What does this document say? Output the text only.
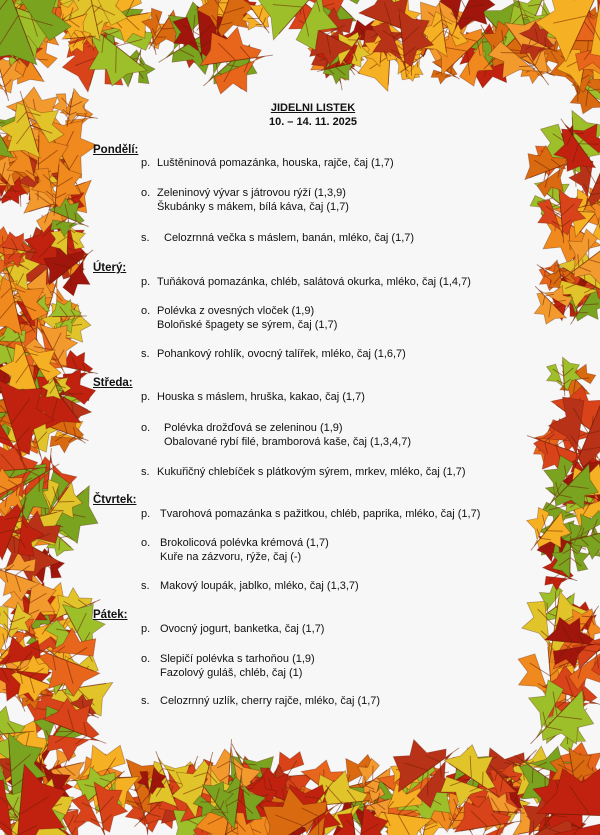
JIDELNI LISTEK
10. – 14. 11. 2025
Pondělí:
p. Luštěninová pomazánka, houska, rajče, čaj (1,7)
o. Zeleninový vývar s játrovou rýží (1,3,9)
Škubánky s mákem, bílá káva, čaj (1,7)
s. Celozrnná večka s máslem, banán, mléko, čaj (1,7)
Úterý:
p. Tuňáková pomazánka, chléb, salátová okurka, mléko, čaj (1,4,7)
o. Polévka z ovesných vloček (1,9)
Boloňské špagety se sýrem, čaj (1,7)
s. Pohankový rohlík, ovocný talířek, mléko, čaj (1,6,7)
Středa:
p. Houska s máslem, hruška, kakao, čaj (1,7)
o. Polévka drožďová se zeleninou (1,9)
Obalované rybí filé, bramborová kaše, čaj (1,3,4,7)
s. Kukuřičný chlebíček s plátkovým sýrem, mrkev, mléko, čaj (1,7)
Čtvrtek:
p. Tvarohová pomazánka s pažitkou, chléb, paprika, mléko, čaj (1,7)
o. Brokolicová polévka krémová (1,7)
Kuře na zázvoru, rýže, čaj (-)
s. Makový loupák, jablko, mléko, čaj (1,3,7)
Pátek:
p. Ovocný jogurt, banketka, čaj (1,7)
o. Slepičí polévka s tarhoňou (1,9)
Fazolový guláš, chléb, čaj (1)
s. Celozrnný uzlík, cherry rajče, mléko, čaj (1,7)
